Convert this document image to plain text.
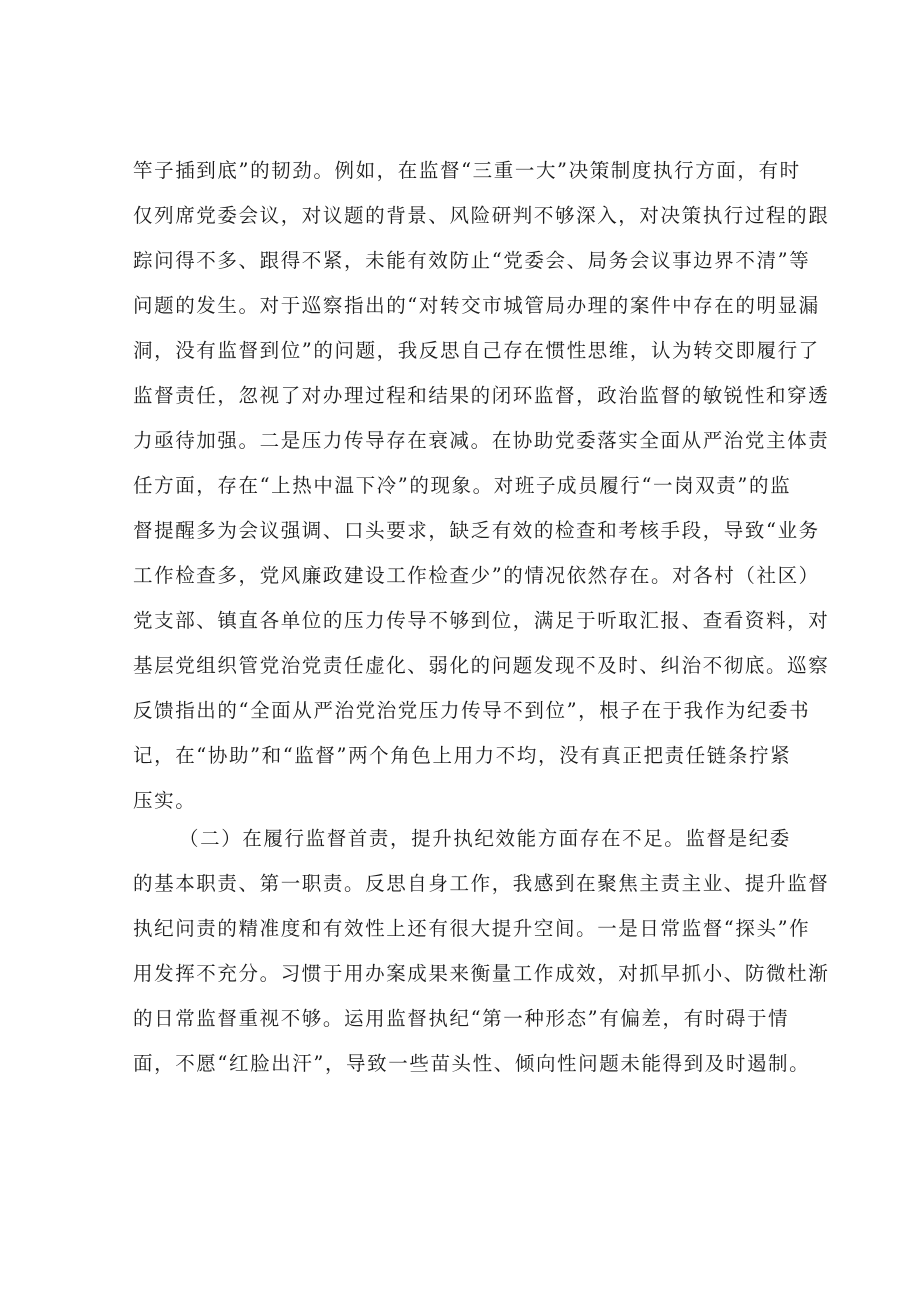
竿子插到底”的韧劲。例如，在监督“三重一大”决策制度执行方面，有时
仅列席党委会议，对议题的背景、风险研判不够深入，对决策执行过程的跟
踪问得不多、跟得不紧，未能有效防止“党委会、局务会议事边界不清”等
问题的发生。对于巡察指出的“对转交市城管局办理的案件中存在的明显漏
洞，没有监督到位”的问题，我反思自己存在惯性思维，认为转交即履行了
监督责任，忽视了对办理过程和结果的闭环监督，政治监督的敏锐性和穿透
力亟待加强。二是压力传导存在衰减。在协助党委落实全面从严治党主体责
任方面，存在“上热中温下冷”的现象。对班子成员履行“一岗双责”的监
督提醒多为会议强调、口头要求，缺乏有效的检查和考核手段，导致“业务
工作检查多，党风廉政建设工作检查少”的情况依然存在。对各村（社区）
党支部、镇直各单位的压力传导不够到位，满足于听取汇报、查看资料，对
基层党组织管党治党责任虚化、弱化的问题发现不及时、纠治不彻底。巡察
反馈指出的“全面从严治党治党压力传导不到位”，根子在于我作为纪委书
记，在“协助”和“监督”两个角色上用力不均，没有真正把责任链条拧紧
压实。
（二）在履行监督首责，提升执纪效能方面存在不足。监督是纪委
的基本职责、第一职责。反思自身工作，我感到在聚焦主责主业、提升监督
执纪问责的精准度和有效性上还有很大提升空间。一是日常监督“探头”作
用发挥不充分。习惯于用办案成果来衡量工作成效，对抓早抓小、防微杜渐
的日常监督重视不够。运用监督执纪“第一种形态”有偏差，有时碍于情
面，不愿“红脸出汗”，导致一些苗头性、倾向性问题未能得到及时遏制。
